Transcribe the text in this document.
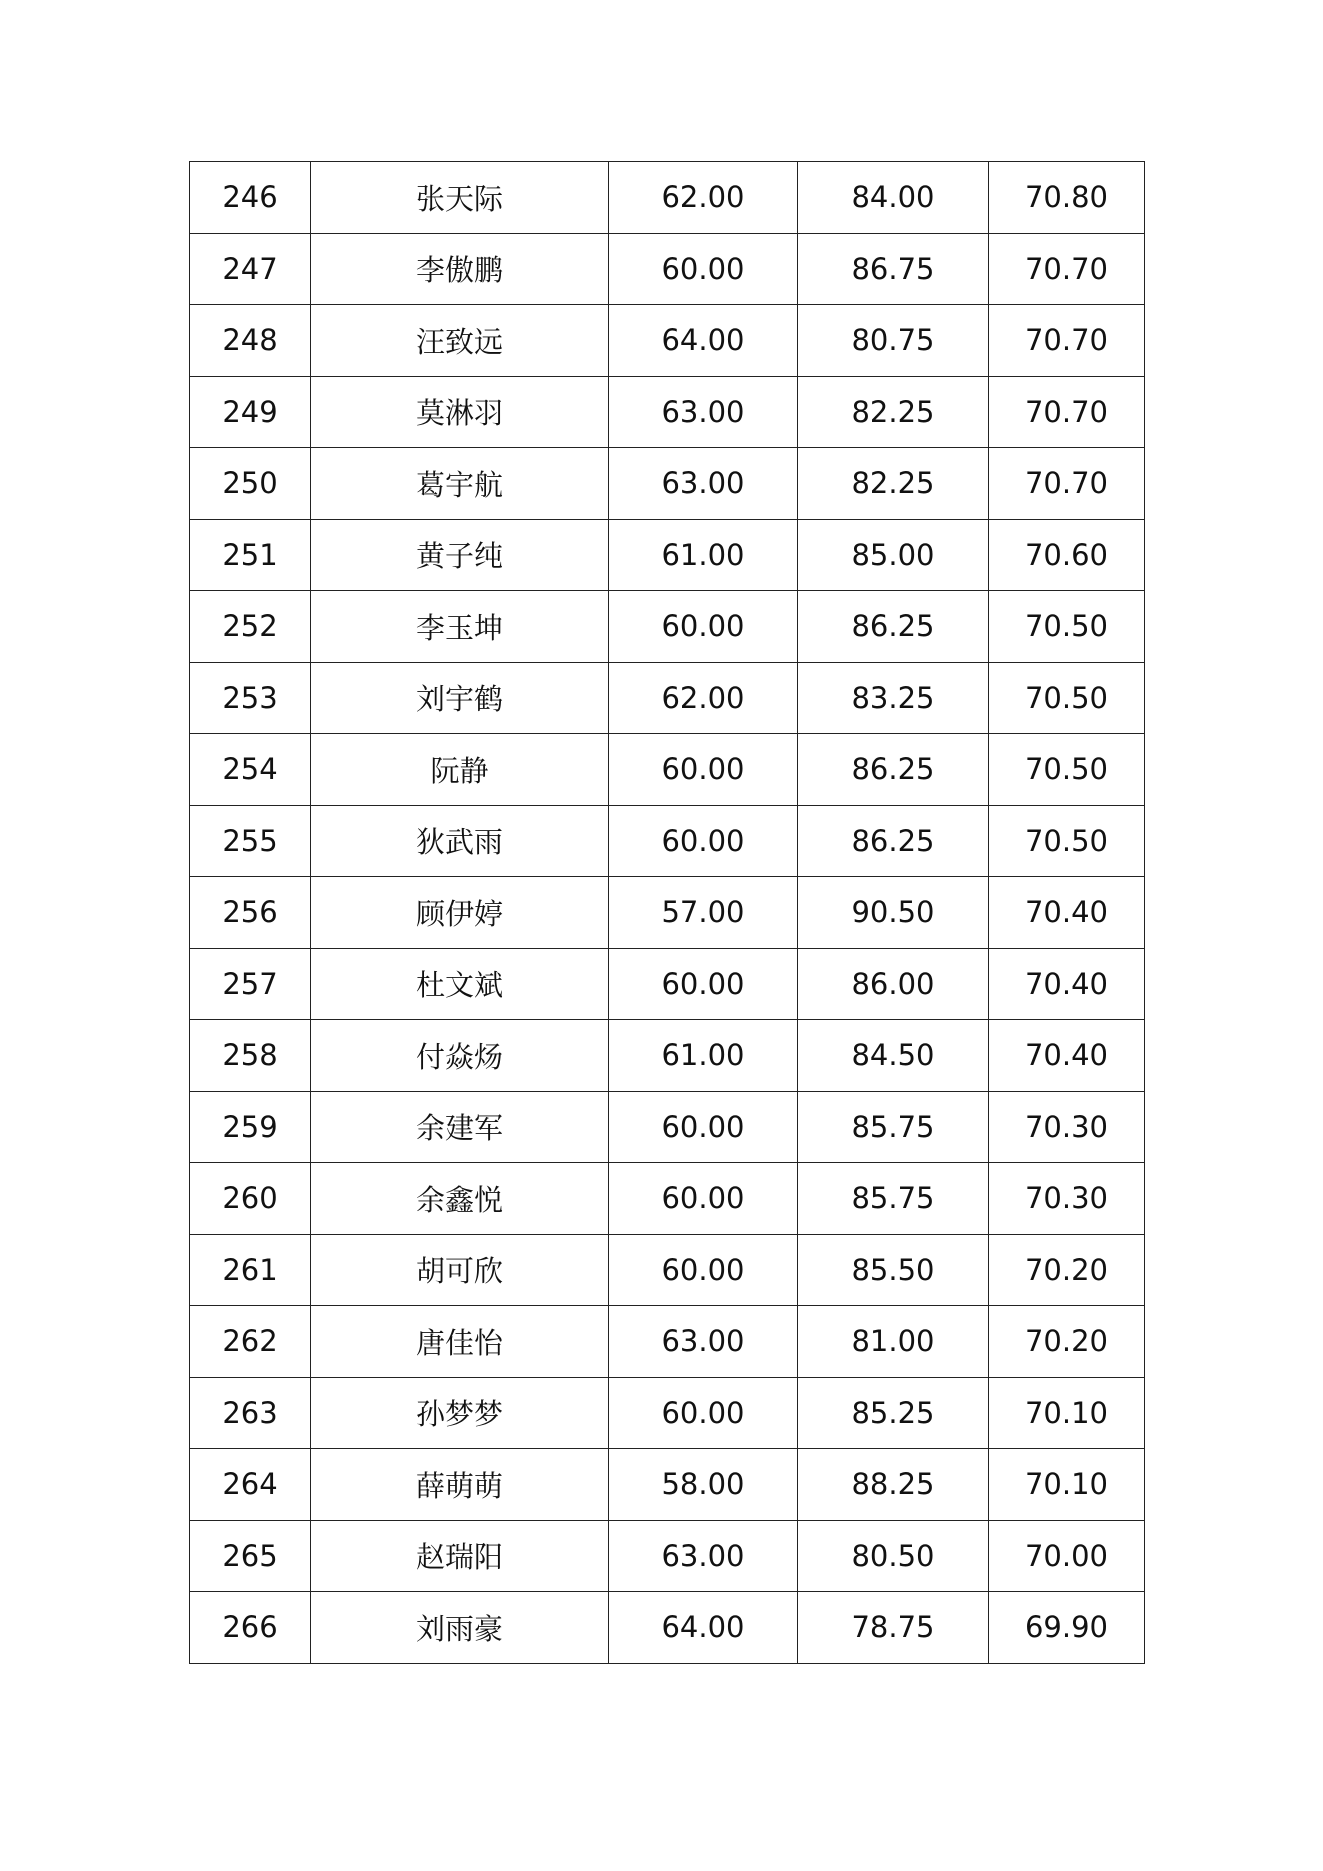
246	张天际	62.00	84.00	70.80
247	李傲鹏	60.00	86.75	70.70
248	汪致远	64.00	80.75	70.70
249	莫淋羽	63.00	82.25	70.70
250	葛宇航	63.00	82.25	70.70
251	黄子纯	61.00	85.00	70.60
252	李玉坤	60.00	86.25	70.50
253	刘宇鹤	62.00	83.25	70.50
254	阮静	60.00	86.25	70.50
255	狄武雨	60.00	86.25	70.50
256	顾伊婷	57.00	90.50	70.40
257	杜文斌	60.00	86.00	70.40
258	付焱炀	61.00	84.50	70.40
259	余建军	60.00	85.75	70.30
260	余鑫悦	60.00	85.75	70.30
261	胡可欣	60.00	85.50	70.20
262	唐佳怡	63.00	81.00	70.20
263	孙梦梦	60.00	85.25	70.10
264	薛萌萌	58.00	88.25	70.10
265	赵瑞阳	63.00	80.50	70.00
266	刘雨豪	64.00	78.75	69.90
